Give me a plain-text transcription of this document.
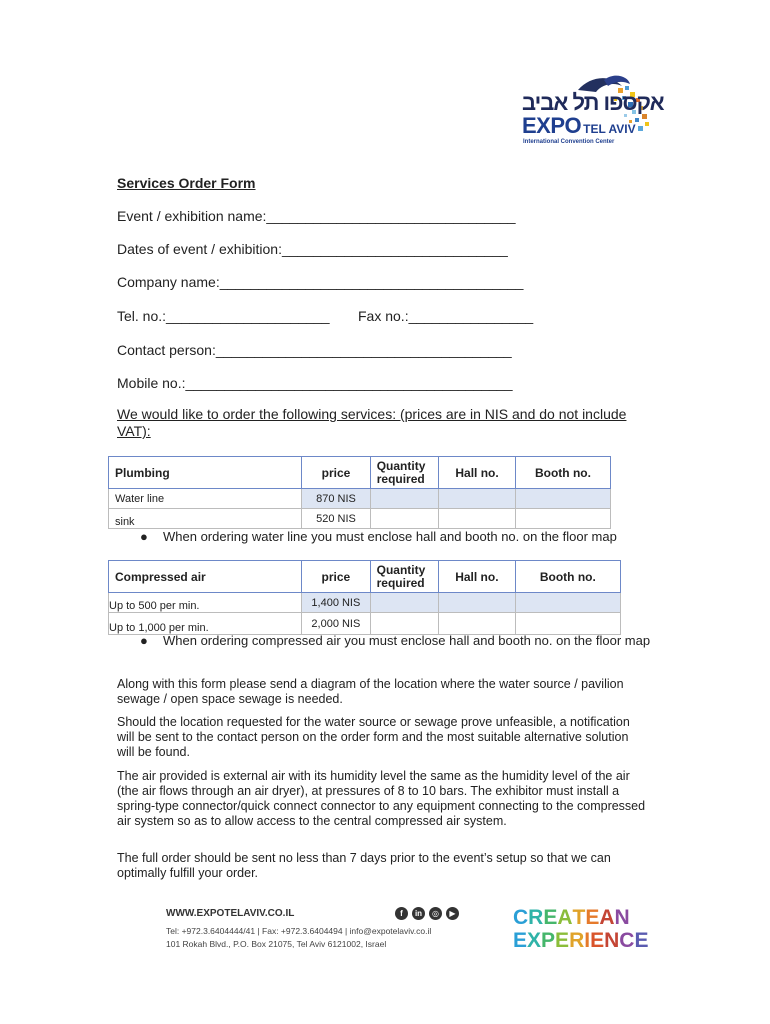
אקספו תל אביב
EXPO TEL AVIV
International Convention Center
Services Order Form
Event / exhibition name:________________________________
Dates of event / exhibition:_____________________________
Company name:_______________________________________
Tel. no.:_____________________ Fax no.:________________
Contact person:______________________________________
Mobile no.:__________________________________________
We would like to order the following services: (prices are in NIS and do not include VAT):
Plumbing	price	Quantity required	Hall no.	Booth no.
Water line	870 NIS			
sink	520 NIS			
● When ordering water line you must enclose hall and booth no. on the floor map
Compressed air	price	Quantity required	Hall no.	Booth no.
Up to 500 per min.	1,400 NIS			
Up to 1,000 per min.	2,000 NIS			
● When ordering compressed air you must enclose hall and booth no. on the floor map
Along with this form please send a diagram of the location where the water source / pavilion sewage / open space sewage is needed.
Should the location requested for the water source or sewage prove unfeasible, a notification will be sent to the contact person on the order form and the most suitable alternative solution will be found.
The air provided is external air with its humidity level the same as the humidity level of the air (the air flows through an air dryer), at pressures of 8 to 10 bars. The exhibitor must install a spring-type connector/quick connect connector to any equipment connecting to the compressed air system so as to allow access to the central compressed air system.
The full order should be sent no less than 7 days prior to the event’s setup so that we can optimally fulfill your order.
WWW.EXPOTELAVIV.CO.IL	f	in	◎	▶
Tel: +972.3.6404444/41 | Fax: +972.3.6404494 | info@expotelaviv.co.il
101 Rokah Blvd., P.O. Box 21075, Tel Aviv 6121002, Israel
CREATEAN
EXPERIENCE
